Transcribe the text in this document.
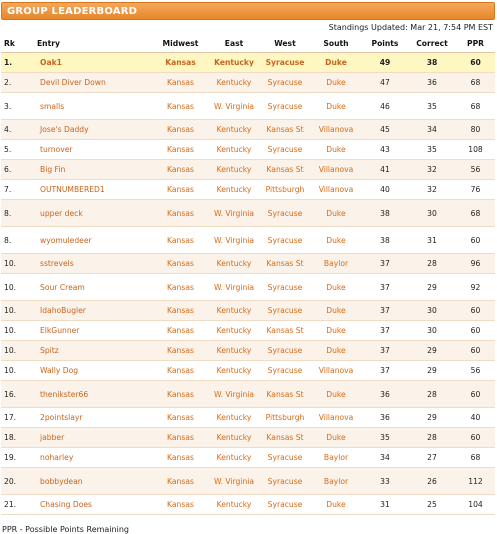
GROUP LEADERBOARD
Standings Updated: Mar 21, 7:54 PM EST
Rk	Entry	Midwest	East	West	South	Points	Correct	PPR
1.	Oak1	Kansas	Kentucky	Syracuse	Duke	49	38	60
2.	Devil Diver Down	Kansas	Kentucky	Syracuse	Duke	47	36	68
3.	smalls	Kansas	W. Virginia	Syracuse	Duke	46	35	68
4.	Jose's Daddy	Kansas	Kentucky	Kansas St	Villanova	45	34	80
5.	turnover	Kansas	Kentucky	Syracuse	Duke	43	35	108
6.	Big Fin	Kansas	Kentucky	Kansas St	Villanova	41	32	56
7.	OUTNUMBERED1	Kansas	Kentucky	Pittsburgh	Villanova	40	32	76
8.	upper deck	Kansas	W. Virginia	Syracuse	Duke	38	30	68
8.	wyomuledeer	Kansas	W. Virginia	Syracuse	Duke	38	31	60
10.	sstrevels	Kansas	Kentucky	Kansas St	Baylor	37	28	96
10.	Sour Cream	Kansas	W. Virginia	Syracuse	Duke	37	29	92
10.	IdahoBugler	Kansas	Kentucky	Syracuse	Duke	37	30	60
10.	ElkGunner	Kansas	Kentucky	Kansas St	Duke	37	30	60
10.	Spitz	Kansas	Kentucky	Syracuse	Duke	37	29	60
10.	Wally Dog	Kansas	Kentucky	Syracuse	Villanova	37	29	56
16.	thenikster66	Kansas	W. Virginia	Kansas St	Duke	36	28	60
17.	2pointslayr	Kansas	Kentucky	Pittsburgh	Villanova	36	29	40
18.	jabber	Kansas	Kentucky	Kansas St	Duke	35	28	60
19.	noharley	Kansas	Kentucky	Syracuse	Baylor	34	27	68
20.	bobbydean	Kansas	W. Virginia	Syracuse	Baylor	33	26	112
21.	Chasing Does	Kansas	Kentucky	Syracuse	Duke	31	25	104
PPR - Possible Points Remaining
